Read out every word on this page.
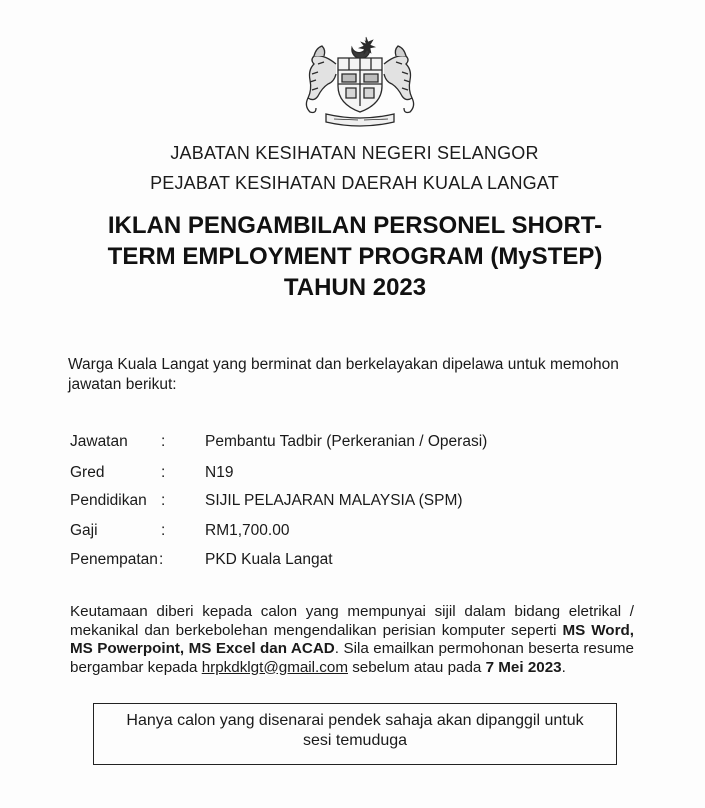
JABATAN KESIHATAN NEGERI SELANGOR
PEJABAT KESIHATAN DAERAH KUALA LANGAT
IKLAN PENGAMBILAN PERSONEL SHORT-
TERM EMPLOYMENT PROGRAM (MySTEP)
TAHUN 2023
Warga Kuala Langat yang berminat dan berkelayakan dipelawa untuk memohon
jawatan berikut:
Jawatan :	Pembantu Tadbir (Perkeranian / Operasi)
Gred	:	N19
Pendidikan :	SIJIL PELAJARAN MALAYSIA (SPM)
Gaji	:	RM1,700.00
Penempatan :	PKD Kuala Langat
Keutamaan diberi kepada calon yang mempunyai sijil dalam bidang eletrikal /
mekanikal dan berkebolehan mengendalikan perisian komputer seperti MS Word,
MS Powerpoint, MS Excel dan ACAD. Sila emailkan permohonan beserta resume
bergambar kepada hrpkdklgt@gmail.com sebelum atau pada 7 Mei 2023.
Hanya calon yang disenarai pendek sahaja akan dipanggil untuk
sesi temuduga
